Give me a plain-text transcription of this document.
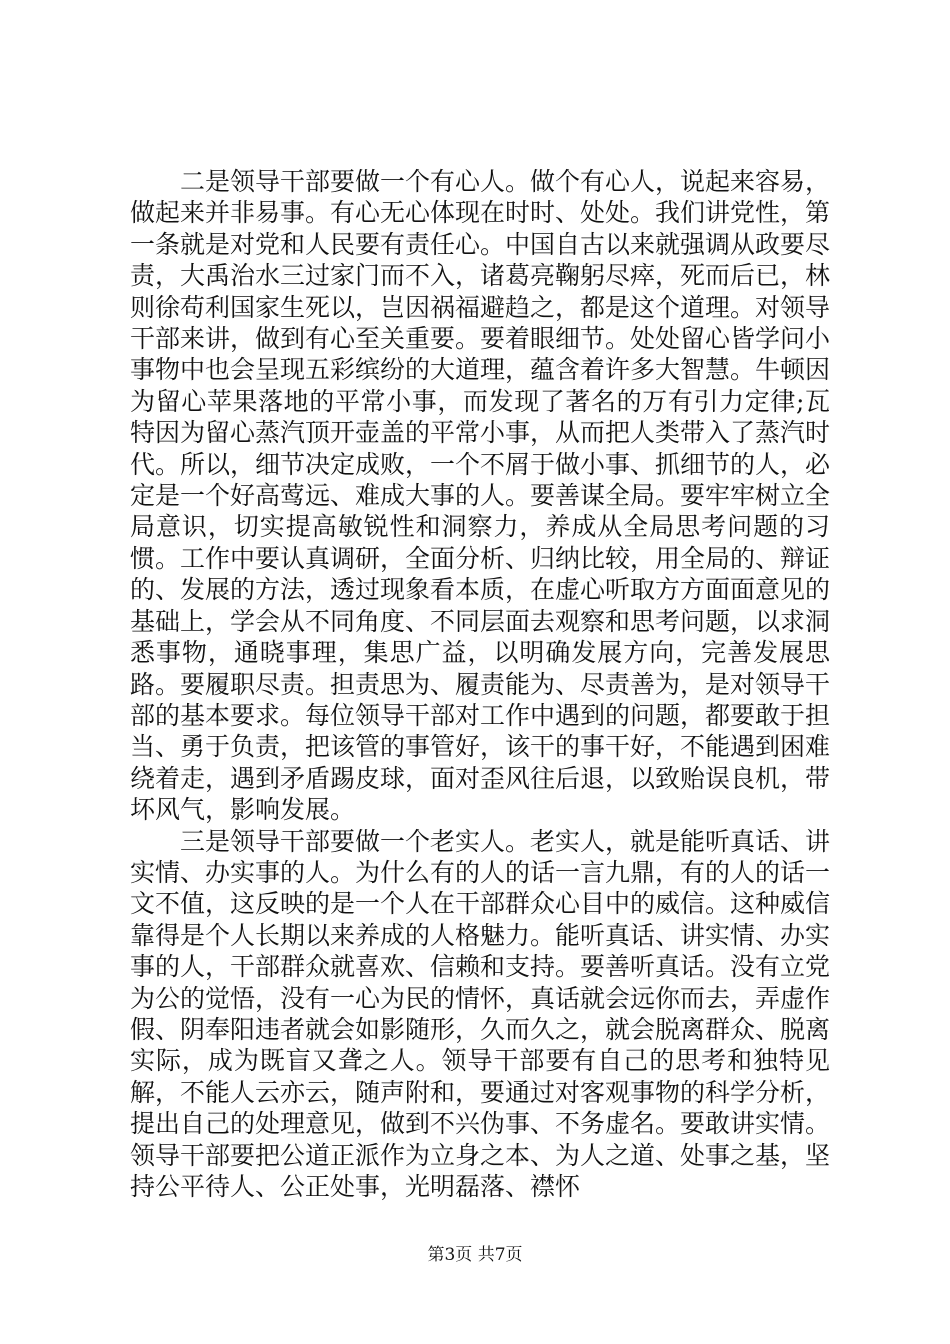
二是领导干部要做一个有心人。做个有心人，说起来容易，做起来并非易事。有心无心体现在时时、处处。我们讲党性，第一条就是对党和人民要有责任心。中国自古以来就强调从政要尽责，大禹治水三过家门而不入，诸葛亮鞠躬尽瘁，死而后已，林则徐苟利国家生死以，岂因祸福避趋之，都是这个道理。对领导干部来讲，做到有心至关重要。要着眼细节。处处留心皆学问小事物中也会呈现五彩缤纷的大道理，蕴含着许多大智慧。牛顿因为留心苹果落地的平常小事，而发现了著名的万有引力定律;瓦特因为留心蒸汽顶开壶盖的平常小事，从而把人类带入了蒸汽时代。所以，细节决定成败，一个不屑于做小事、抓细节的人，必定是一个好高莺远、难成大事的人。要善谋全局。要牢牢树立全局意识，切实提高敏锐性和洞察力，养成从全局思考问题的习惯。工作中要认真调研，全面分析、归纳比较，用全局的、辩证的、发展的方法，透过现象看本质，在虚心听取方方面面意见的基础上，学会从不同角度、不同层面去观察和思考问题，以求洞悉事物，通晓事理，集思广益，以明确发展方向，完善发展思路。要履职尽责。担责思为、履责能为、尽责善为，是对领导干部的基本要求。每位领导干部对工作中遇到的问题，都要敢于担当、勇于负责，把该管的事管好，该干的事干好，不能遇到困难绕着走，遇到矛盾踢皮球，面对歪风往后退，以致贻误良机，带坏风气，影响发展。

三是领导干部要做一个老实人。老实人，就是能听真话、讲实情、办实事的人。为什么有的人的话一言九鼎，有的人的话一文不值，这反映的是一个人在干部群众心目中的威信。这种威信靠得是个人长期以来养成的人格魅力。能听真话、讲实情、办实事的人，干部群众就喜欢、信赖和支持。要善听真话。没有立党为公的觉悟，没有一心为民的情怀，真话就会远你而去，弄虚作假、阴奉阳违者就会如影随形，久而久之，就会脱离群众、脱离实际，成为既盲又聋之人。领导干部要有自己的思考和独特见解，不能人云亦云，随声附和，要通过对客观事物的科学分析，提出自己的处理意见，做到不兴伪事、不务虚名。要敢讲实情。领导干部要把公道正派作为立身之本、为人之道、处事之基，坚持公平待人、公正处事，光明磊落、襟怀

第3页 共7页
